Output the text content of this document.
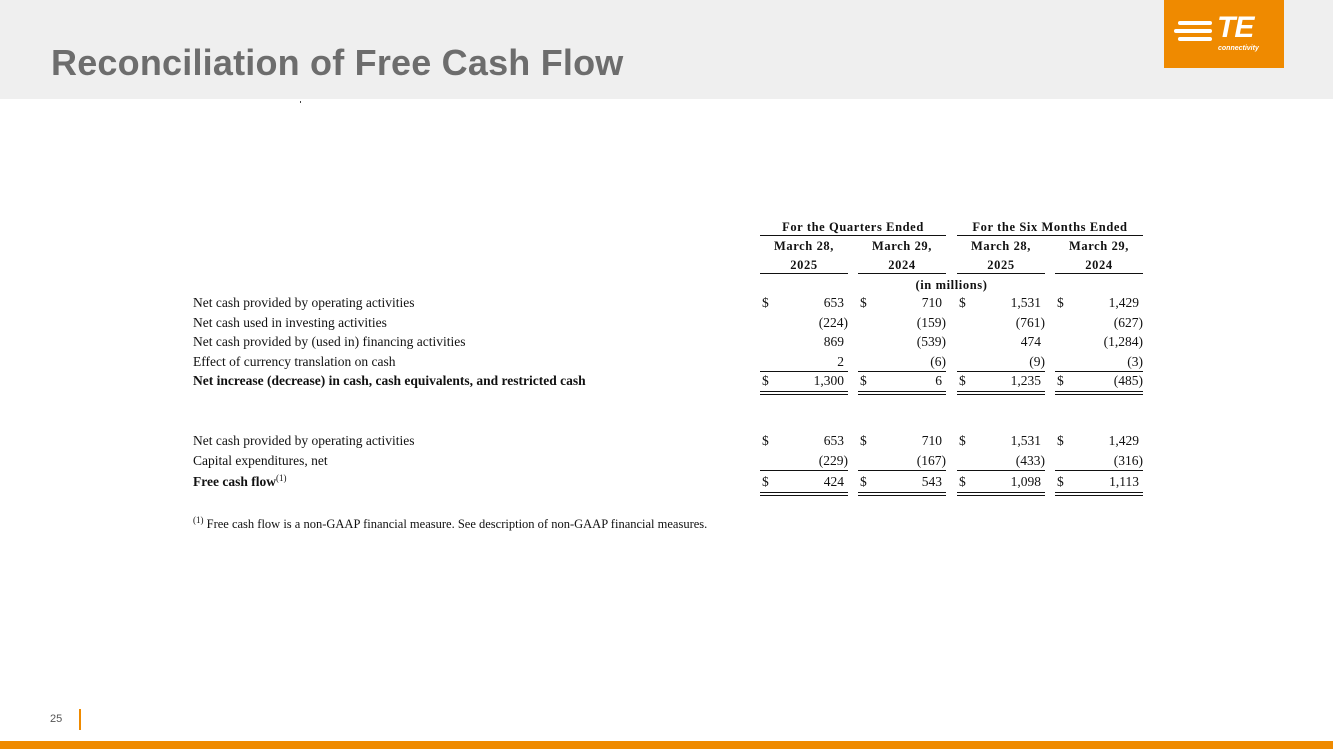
Reconciliation of Free Cash Flow
TE
connectivity
For the Quarters Ended	For the Six Months Ended
March 28,
2025
March 29,
2024
March 28,
2025
March 29,
2024
(in millions)
Net cash provided by operating activities	$	653 $	710 $	1,531 $	1,429
Net cash used in investing activities	(224)	(159)	(761)	(627)
Net cash provided by (used in) financing activities	869	(539)	474	(1,284)
Effect of currency translation on cash	2	(6)	(9)	(3)
Net increase (decrease) in cash, cash equivalents, and restricted cash	$	1,300 $	6 $	1,235 $	(485)
Net cash provided by operating activities	$	653 $	710 $	1,531 $	1,429
Capital expenditures, net	(229)	(167)	(433)	(316)
Free cash flow$^{(1)}$	$	424 $	543 $	1,098 $	1,113
$^{(1)}$ Free cash flow is a non-GAAP financial measure. See description of non-GAAP financial measures.
25
